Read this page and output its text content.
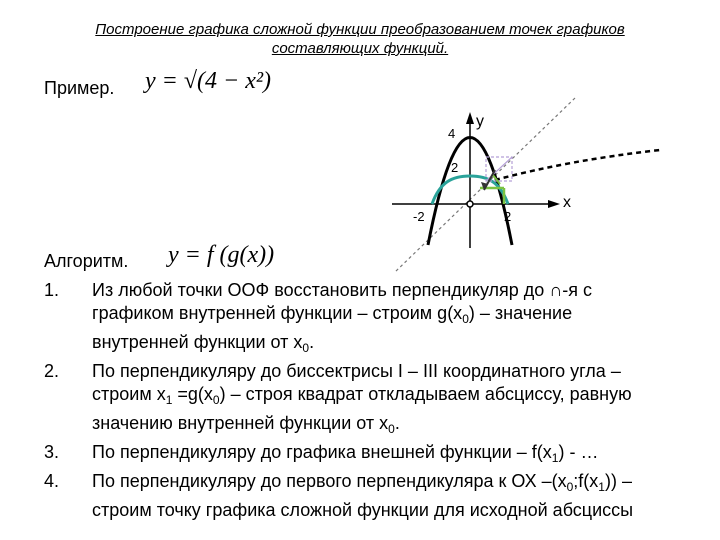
Построение графика сложной функции преобразованием точек графиков
составляющих функций.
Пример. y = √(4 − x²)
x
y
4
2
-2	2
Алгоритм. y = f (g(x))
1.	Из любой точки ООФ восстановить перпендикуляр до ∩-я с
графиком внутренней функции – строим $g(x_0)$ – значение
внутренней функции от $x_0$.
2.	По перпендикуляру до биссектрисы I – III координатного угла –
строим $x_1 =g(x_0)$ – строя квадрат откладываем абсциссу, равную
значению внутренней функции от $x_0$.
3.	По перпендикуляру до графика внешней функции – $f(x_1)$ - …
4.	По перпендикуляру до первого перпендикуляра к ОХ $-(x_0;f(x_1))$ –
строим точку графика сложной функции для исходной абсциссы
